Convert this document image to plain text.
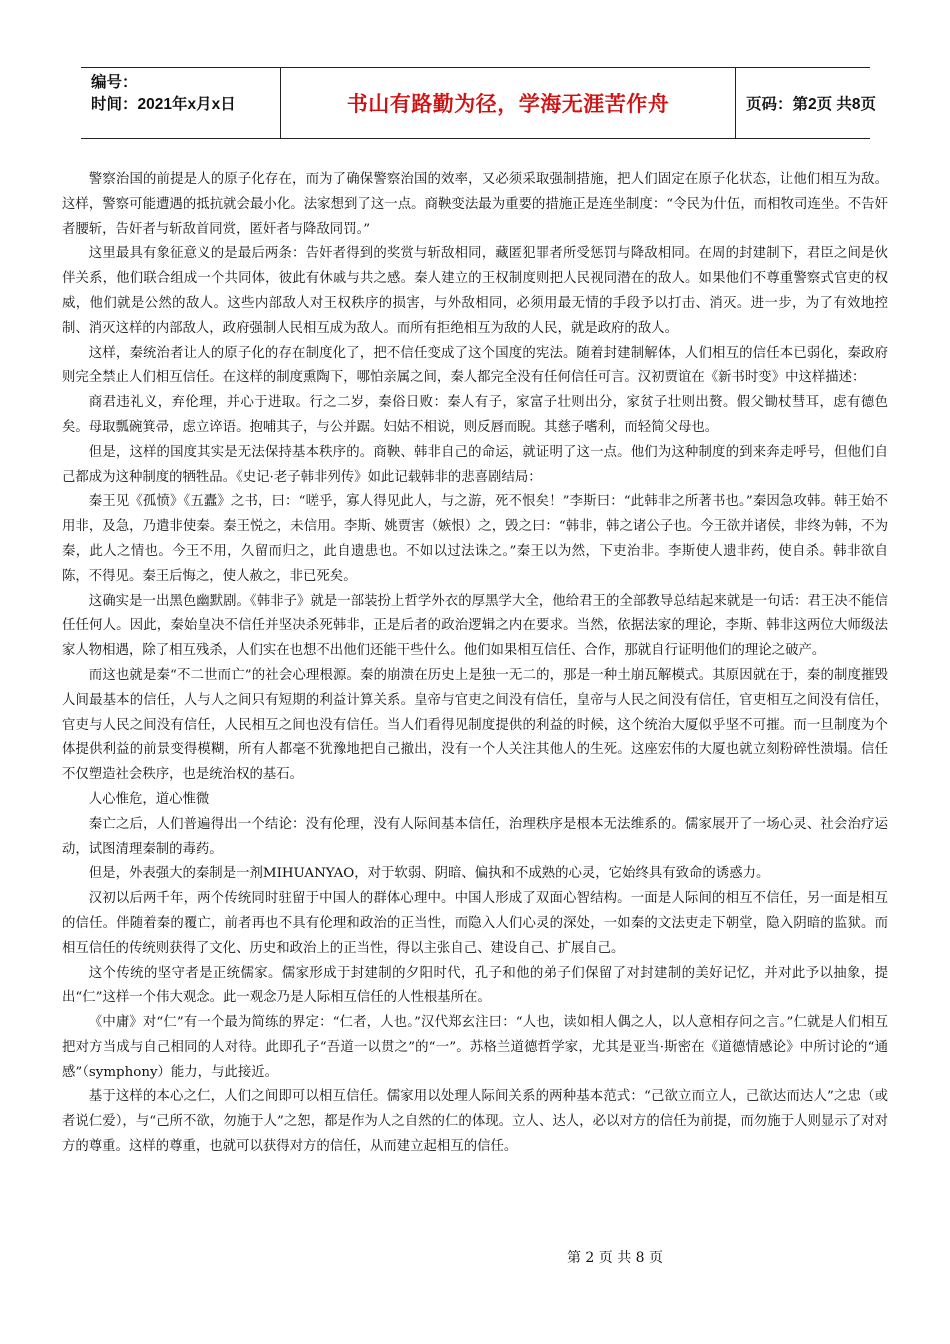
编号：
时间：2021年x月x日	书山有路勤为径，学海无涯苦作舟	页码：第2页 共8页

警察治国的前提是人的原子化存在，而为了确保警察治国的效率，又必须采取强制措施，把人们固定在原子化状态，让他们相互为敌。这样，警察可能遭遇的抵抗就会最小化。法家想到了这一点。商鞅变法最为重要的措施正是连坐制度：“令民为什伍，而相牧司连坐。不告奸者腰斩，告奸者与斩敌首同赏，匿奸者与降敌同罚。”

这里最具有象征意义的是最后两条：告奸者得到的奖赏与斩敌相同，藏匿犯罪者所受惩罚与降敌相同。在周的封建制下，君臣之间是伙伴关系，他们联合组成一个共同体，彼此有休戚与共之感。秦人建立的王权制度则把人民视同潜在的敌人。如果他们不尊重警察式官吏的权威，他们就是公然的敌人。这些内部敌人对王权秩序的损害，与外敌相同，必须用最无情的手段予以打击、消灭。进一步，为了有效地控制、消灭这样的内部敌人，政府强制人民相互成为敌人。而所有拒绝相互为敌的人民，就是政府的敌人。

这样，秦统治者让人的原子化的存在制度化了，把不信任变成了这个国度的宪法。随着封建制解体，人们相互的信任本已弱化，秦政府则完全禁止人们相互信任。在这样的制度熏陶下，哪怕亲属之间，秦人都完全没有任何信任可言。汉初贾谊在《新书时变》中这样描述：

商君违礼义，弃伦理，并心于进取。行之二岁，秦俗日败：秦人有子，家富子壮则出分，家贫子壮则出赘。假父锄杖彗耳，虑有德色矣。母取瓢碗箕帚，虑立谇语。抱哺其子，与公并踞。妇姑不相说，则反唇而睨。其慈子嗜利，而轻简父母也。

但是，这样的国度其实是无法保持基本秩序的。商鞅、韩非自己的命运，就证明了这一点。他们为这种制度的到来奔走呼号，但他们自己都成为这种制度的牺牲品。《史记·老子韩非列传》如此记载韩非的悲喜剧结局：

秦王见《孤愤》《五蠹》之书，曰：“嗟乎，寡人得见此人，与之游，死不恨矣！”李斯曰：“此韩非之所著书也。”秦因急攻韩。韩王始不用非，及急，乃遣非使秦。秦王悦之，未信用。李斯、姚贾害（嫉恨）之，毁之曰：“韩非，韩之诸公子也。今王欲并诸侯，非终为韩，不为秦，此人之情也。今王不用，久留而归之，此自遗患也。不如以过法诛之。”秦王以为然，下吏治非。李斯使人遗非药，使自杀。韩非欲自陈，不得见。秦王后悔之，使人赦之，非已死矣。

这确实是一出黑色幽默剧。《韩非子》就是一部装扮上哲学外衣的厚黑学大全，他给君王的全部教导总结起来就是一句话：君王决不能信任任何人。因此，秦始皇决不信任并坚决杀死韩非，正是后者的政治逻辑之内在要求。当然，依据法家的理论，李斯、韩非这两位大师级法家人物相遇，除了相互残杀，人们实在也想不出他们还能干些什么。他们如果相互信任、合作，那就自行证明他们的理论之破产。

而这也就是秦“不二世而亡”的社会心理根源。秦的崩溃在历史上是独一无二的，那是一种土崩瓦解模式。其原因就在于，秦的制度摧毁人间最基本的信任，人与人之间只有短期的利益计算关系。皇帝与官吏之间没有信任，皇帝与人民之间没有信任，官吏相互之间没有信任，官吏与人民之间没有信任，人民相互之间也没有信任。当人们看得见制度提供的利益的时候，这个统治大厦似乎坚不可摧。而一旦制度为个体提供利益的前景变得模糊，所有人都毫不犹豫地把自己撤出，没有一个人关注其他人的生死。这座宏伟的大厦也就立刻粉碎性溃塌。信任不仅塑造社会秩序，也是统治权的基石。

人心惟危，道心惟微

秦亡之后，人们普遍得出一个结论：没有伦理，没有人际间基本信任，治理秩序是根本无法维系的。儒家展开了一场心灵、社会治疗运动，试图清理秦制的毒药。

但是，外表强大的秦制是一剂MIHUANYAO，对于软弱、阴暗、偏执和不成熟的心灵，它始终具有致命的诱惑力。

汉初以后两千年，两个传统同时驻留于中国人的群体心理中。中国人形成了双面心智结构。一面是人际间的相互不信任，另一面是相互的信任。伴随着秦的覆亡，前者再也不具有伦理和政治的正当性，而隐入人们心灵的深处，一如秦的文法吏走下朝堂，隐入阴暗的监狱。而相互信任的传统则获得了文化、历史和政治上的正当性，得以主张自己、建设自己、扩展自己。

这个传统的坚守者是正统儒家。儒家形成于封建制的夕阳时代，孔子和他的弟子们保留了对封建制的美好记忆，并对此予以抽象，提出“仁”这样一个伟大观念。此一观念乃是人际相互信任的人性根基所在。

《中庸》对“仁”有一个最为简练的界定：“仁者，人也。”汉代郑玄注曰：“人也，读如相人偶之人，以人意相存问之言。”仁就是人们相互把对方当成与自己相同的人对待。此即孔子“吾道一以贯之”的“一”。苏格兰道德哲学家，尤其是亚当·斯密在《道德情感论》中所讨论的“通感”（symphony）能力，与此接近。

基于这样的本心之仁，人们之间即可以相互信任。儒家用以处理人际间关系的两种基本范式：“己欲立而立人，己欲达而达人”之忠（或者说仁爱），与“己所不欲，勿施于人”之恕，都是作为人之自然的仁的体现。立人、达人，必以对方的信任为前提，而勿施于人则显示了对对方的尊重。这样的尊重，也就可以获得对方的信任，从而建立起相互的信任。

第 2 页 共 8 页
